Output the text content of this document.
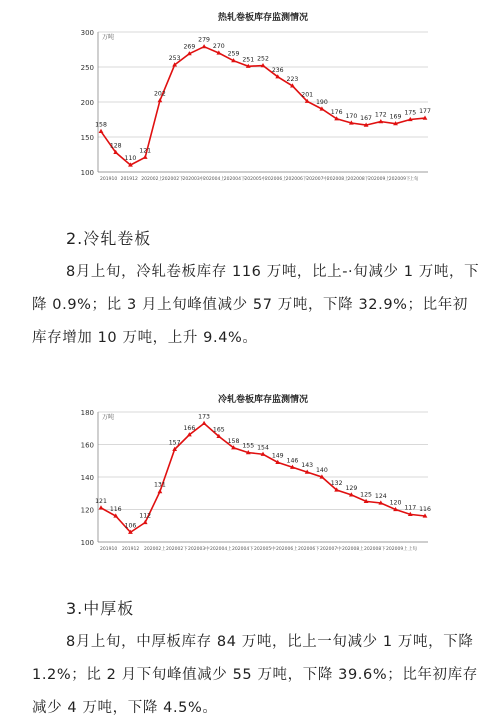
热轧卷板库存监测情况
万吨
100
150
200
250
300
201910 201912 202002上
202002下
202003中
202004上
202004下
202005中
202006上
202006下
202007中
202008上
202008下
202009上
202009下
上旬
158
128
110
121
202
253
269
279
270
259
251 252
236
223
201
190
176
170 167 172 169
175 177
2.冷轧卷板

8月上旬，冷轧卷板库存 116 万吨，比上-·旬减少 1 万吨，下降 0.9%；比 3 月上旬峰值减少 57 万吨，下降 32.9%；比年初库存增加 10 万吨，上升 9.4%。

冷轧卷板库存监测情况
万吨
100
120
140
160
180
201910 201912 202002上 202002下 202003中 202004上 202004下 202005中 202006上 202006下 202007中 202008上 202008下 202009上 上旬
121
116
106
112
131
157
166
173
165
158
155 154
149
146
143
140
132
129
125 124
120
117 116
3.中厚板

8月上旬，中厚板库存 84 万吨，比上一旬减少 1 万吨，下降 1.2%；比 2 月下旬峰值减少 55 万吨，下降 39.6%；比年初库存减少 4 万吨，下降 4.5%。
